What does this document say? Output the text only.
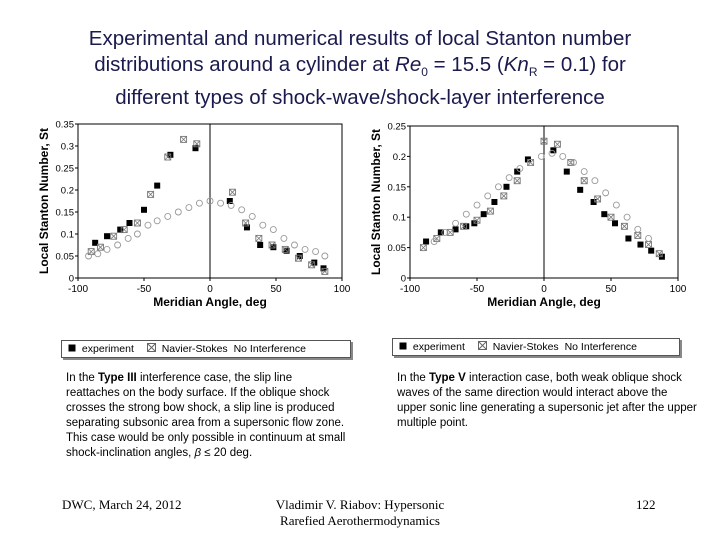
Experimental and numerical results of local Stanton number
distributions around a cylinder at $Re_0 = 15.5$ $(Kn_R = 0.1)$ for
different types of shock-wave/shock-layer interference
-100	-50	0	50	100
0
0.05
0.1
0.15
0.2
0.25
0.3
0.35
Meridian Angle, deg
Local Stanton Number, St
-100	-50	0	50	100
0
0.05
0.1
0.15
0.2
0.25
Meridian Angle, deg
Local Stanton Number, St
experiment	Navier-Stokes No Interference	experiment	Navier-Stokes No Interference
In the Type III interference case, the slip line reattaches on the body surface. If the oblique shock crosses the strong bow shock, a slip line is produced separating subsonic area from a supersonic flow zone. This case would be only possible in continuum at small shock-inclination angles, β ≤ 20 deg.
In the Type V interaction case, both weak oblique shock waves of the same direction would interact above the upper sonic line generating a supersonic jet after the upper multiple point.
DWC, March 24, 2012	Vladimir V. Riabov: Hypersonic
Rarefied Aerothermodynamics
122
